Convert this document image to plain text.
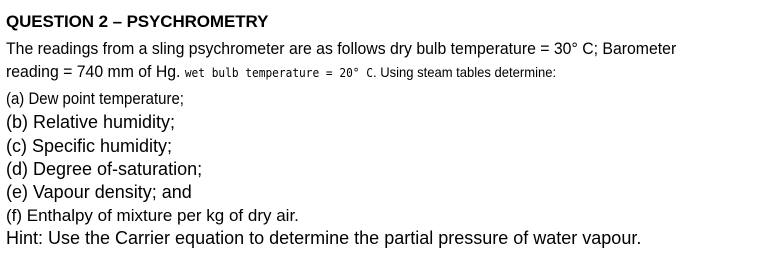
QUESTION 2 – PSYCHROMETRY
The readings from a sling psychrometer are as follows dry bulb temperature = 30° C; Barometer
reading = 740 mm of Hg. wet bulb temperature = 20° C. Using steam tables determine:
(a) Dew point temperature;
(b) Relative humidity;
(c) Specific humidity;
(d) Degree of-saturation;
(e) Vapour density; and
(f) Enthalpy of mixture per kg of dry air.
Hint: Use the Carrier equation to determine the partial pressure of water vapour.
